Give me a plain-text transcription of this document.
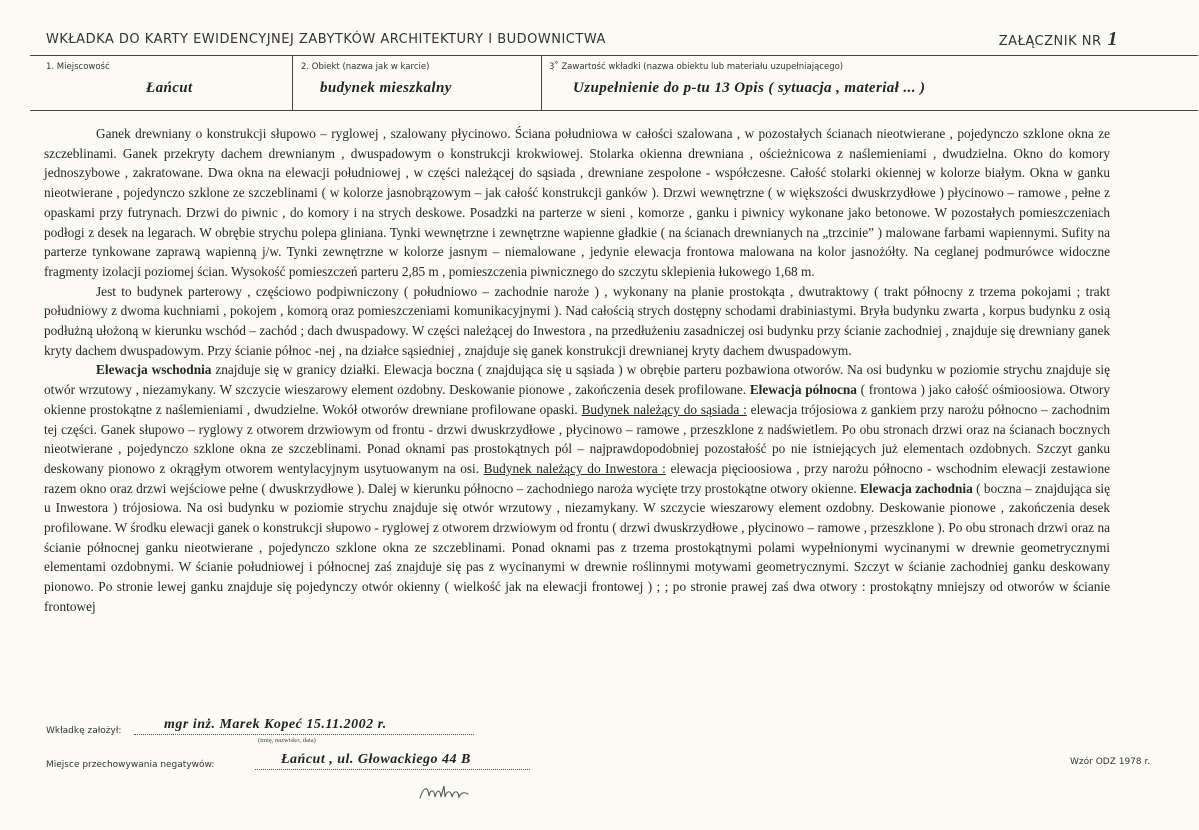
WKŁADKA DO KARTY EWIDENCYJNEJ ZABYTKÓW ARCHITEKTURY I BUDOWNICTWA	ZAŁĄCZNIK NR 1
1. Miejscowość
Łańcut
2. Obiekt (nazwa jak w karcie)
budynek mieszkalny
3˚ Zawartość wkładki (nazwa obiektu lub materiału uzupełniającego)
Uzupełnienie do p-tu 13 Opis ( sytuacja , materiał ... )

Ganek drewniany o konstrukcji słupowo – ryglowej , szalowany płycinowo. Ściana południowa w całości szalowana , w pozostałych ścianach nieotwierane , pojedynczo szklone okna ze szczeblinami. Ganek przekryty dachem drewnianym , dwuspadowym o konstrukcji krokwiowej. Stolarka okienna drewniana , ościeżnicowa z naślemieniami , dwudzielna. Okno do komory jednoszybowe , zakratowane. Dwa okna na elewacji południowej , w części należącej do sąsiada , drewniane zespolone - współczesne. Całość stolarki okiennej w kolorze białym. Okna w ganku nieotwierane , pojedynczo szklone ze szczeblinami ( w kolorze jasnobrązowym – jak całość konstrukcji ganków ). Drzwi wewnętrzne ( w większości dwuskrzydłowe ) płycinowo – ramowe , pełne z opaskami przy futrynach. Drzwi do piwnic , do komory i na strych deskowe. Posadzki na parterze w sieni , komorze , ganku i piwnicy wykonane jako betonowe. W pozostałych pomieszczeniach podłogi z desek na legarach. W obrębie strychu polepa gliniana. Tynki wewnętrzne i zewnętrzne wapienne gładkie ( na ścianach drewnianych na „trzcinie” ) malowane farbami wapiennymi. Sufity na parterze tynkowane zaprawą wapienną j/w. Tynki zewnętrzne w kolorze jasnym – niemalowane , jedynie elewacja frontowa malowana na kolor jasnożółty. Na ceglanej podmurówce widoczne fragmenty izolacji poziomej ścian. Wysokość pomieszczeń parteru 2,85 m , pomieszczenia piwnicznego do szczytu sklepienia łukowego 1,68 m.

Jest to budynek parterowy , częściowo podpiwniczony ( południowo – zachodnie naroże ) , wykonany na planie prostokąta , dwutraktowy ( trakt północny z trzema pokojami ; trakt południowy z dwoma kuchniami , pokojem , komorą oraz pomieszczeniami komunikacyjnymi ). Nad całością strych dostępny schodami drabiniastymi. Bryła budynku zwarta , korpus budynku z osią podłużną ułożoną w kierunku wschód – zachód ; dach dwuspadowy. W części należącej do Inwestora , na przedłużeniu zasadniczej osi budynku przy ścianie zachodniej , znajduje się drewniany ganek kryty dachem dwuspadowym. Przy ścianie północ -nej , na działce sąsiedniej , znajduje się ganek konstrukcji drewnianej kryty dachem dwuspadowym.

Elewacja wschodnia znajduje się w granicy działki. Elewacja boczna ( znajdująca się u sąsiada ) w obrębie parteru pozbawiona otworów. Na osi budynku w poziomie strychu znajduje się otwór wrzutowy , niezamykany. W szczycie wieszarowy element ozdobny. Deskowanie pionowe , zakończenia desek profilowane. Elewacja północna ( frontowa ) jako całość ośmioosiowa. Otwory okienne prostokątne z naślemieniami , dwudzielne. Wokół otworów drewniane profilowane opaski. Budynek należący do sąsiada : elewacja trójosiowa z gankiem przy narożu północno – zachodnim tej części. Ganek słupowo – ryglowy z otworem drzwiowym od frontu - drzwi dwuskrzydłowe , płycinowo – ramowe , przeszklone z nadświetlem. Po obu stronach drzwi oraz na ścianach bocznych nieotwierane , pojedynczo szklone okna ze szczeblinami. Ponad oknami pas prostokątnych pól – najprawdopodobniej pozostałość po nie istniejących już elementach ozdobnych. Szczyt ganku deskowany pionowo z okrągłym otworem wentylacyjnym usytuowanym na osi. Budynek należący do Inwestora : elewacja pięcioosiowa , przy narożu północno - wschodnim elewacji zestawione razem okno oraz drzwi wejściowe pełne ( dwuskrzydłowe ). Dalej w kierunku północno – zachodniego naroża wycięte trzy prostokątne otwory okienne. Elewacja zachodnia ( boczna – znajdująca się u Inwestora ) trójosiowa. Na osi budynku w poziomie strychu znajduje się otwór wrzutowy , niezamykany. W szczycie wieszarowy element ozdobny. Deskowanie pionowe , zakończenia desek profilowane. W środku elewacji ganek o konstrukcji słupowo - ryglowej z otworem drzwiowym od frontu ( drzwi dwuskrzydłowe , płycinowo – ramowe , przeszklone ). Po obu stronach drzwi oraz na ścianie północnej ganku nieotwierane , pojedynczo szklone okna ze szczeblinami. Ponad oknami pas z trzema prostokątnymi polami wypełnionymi wycinanymi w drewnie geometrycznymi elementami ozdobnymi. W ścianie południowej i północnej zaś znajduje się pas z wycinanymi w drewnie roślinnymi motywami geometrycznymi. Szczyt w ścianie zachodniej ganku deskowany pionowo. Po stronie lewej ganku znajduje się pojedynczy otwór okienny ( wielkość jak na elewacji frontowej ) ; ; po stronie prawej zaś dwa otwory : prostokątny mniejszy od otworów w ścianie frontowej

Wkładkę założył:	mgr inż. Marek Kopeć 15.11.2002 r.
(imię, nazwisko, data)
Miejsce przechowywania negatywów:	Łańcut , ul. Głowackiego 44 B	Wzór ODZ 1978 r.
